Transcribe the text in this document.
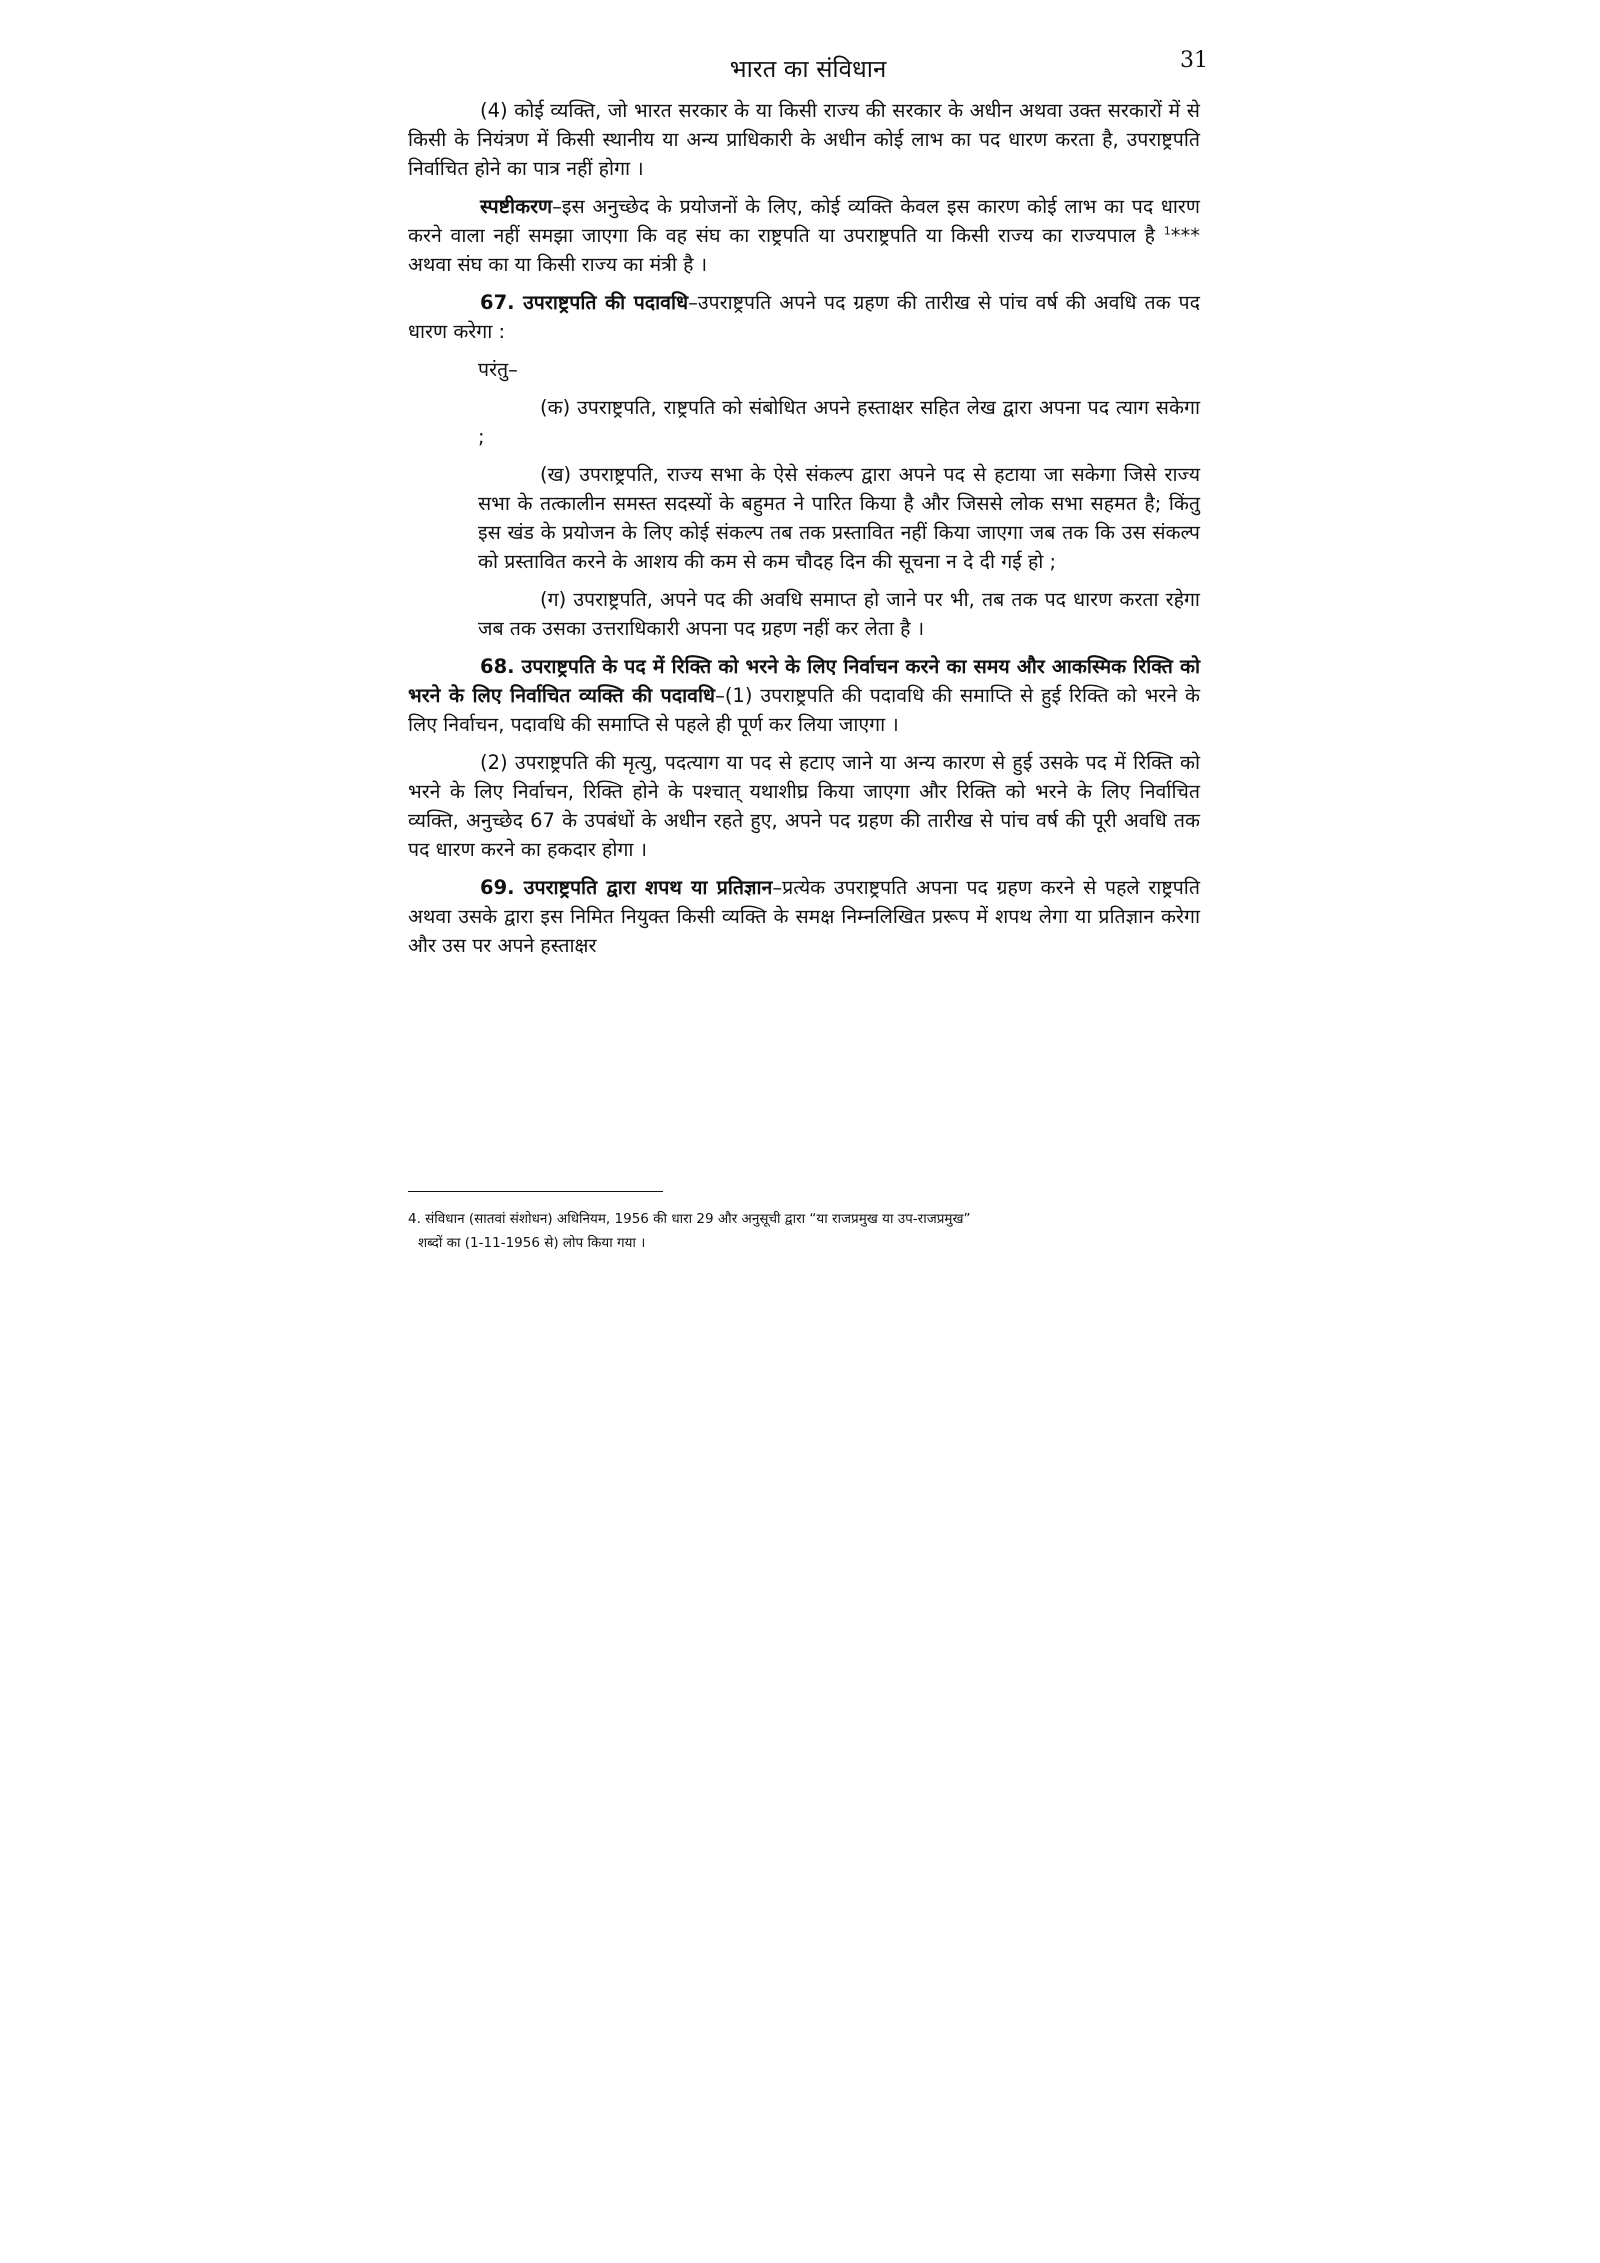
भारत का संविधान	31

(4) कोई व्यक्ति, जो भारत सरकार के या किसी राज्य की सरकार के अधीन अथवा उक्त सरकारों में से किसी के नियंत्रण में किसी स्थानीय या अन्य प्राधिकारी के अधीन कोई लाभ का पद धारण करता है, उपराष्ट्रपति निर्वाचित होने का पात्र नहीं होगा ।

स्पष्टीकरण–इस अनुच्छेद के प्रयोजनों के लिए, कोई व्यक्ति केवल इस कारण कोई लाभ का पद धारण करने वाला नहीं समझा जाएगा कि वह संघ का राष्ट्रपति या उपराष्ट्रपति या किसी राज्य का राज्यपाल है $^1$*** अथवा संघ का या किसी राज्य का मंत्री है ।

67. उपराष्ट्रपति की पदावधि–उपराष्ट्रपति अपने पद ग्रहण की तारीख से पांच वर्ष की अवधि तक पद धारण करेगा :

परंतु–

(क) उपराष्ट्रपति, राष्ट्रपति को संबोधित अपने हस्ताक्षर सहित लेख द्वारा अपना पद त्याग सकेगा ;

(ख) उपराष्ट्रपति, राज्य सभा के ऐसे संकल्प द्वारा अपने पद से हटाया जा सकेगा जिसे राज्य सभा के तत्कालीन समस्त सदस्यों के बहुमत ने पारित किया है और जिससे लोक सभा सहमत है; किंतु इस खंड के प्रयोजन के लिए कोई संकल्प तब तक प्रस्तावित नहीं किया जाएगा जब तक कि उस संकल्प को प्रस्तावित करने के आशय की कम से कम चौदह दिन की सूचना न दे दी गई हो ;

(ग) उपराष्ट्रपति, अपने पद की अवधि समाप्त हो जाने पर भी, तब तक पद धारण करता रहेगा जब तक उसका उत्तराधिकारी अपना पद ग्रहण नहीं कर लेता है ।

68. उपराष्ट्रपति के पद में रिक्ति को भरने के लिए निर्वाचन करने का समय और आकस्मिक रिक्ति को भरने के लिए निर्वाचित व्यक्ति की पदावधि–(1) उपराष्ट्रपति की पदावधि की समाप्ति से हुई रिक्ति को भरने के लिए निर्वाचन, पदावधि की समाप्ति से पहले ही पूर्ण कर लिया जाएगा ।

(2) उपराष्ट्रपति की मृत्यु, पदत्याग या पद से हटाए जाने या अन्य कारण से हुई उसके पद में रिक्ति को भरने के लिए निर्वाचन, रिक्ति होने के पश्चात् यथाशीघ्र किया जाएगा और रिक्ति को भरने के लिए निर्वाचित व्यक्ति, अनुच्छेद 67 के उपबंधों के अधीन रहते हुए, अपने पद ग्रहण की तारीख से पांच वर्ष की पूरी अवधि तक पद धारण करने का हकदार होगा ।

69. उपराष्ट्रपति द्वारा शपथ या प्रतिज्ञान–प्रत्येक उपराष्ट्रपति अपना पद ग्रहण करने से पहले राष्ट्रपति अथवा उसके द्वारा इस निमित नियुक्त किसी व्यक्ति के समक्ष निम्नलिखित प्ररूप में शपथ लेगा या प्रतिज्ञान करेगा और उस पर अपने हस्ताक्षर

4. संविधान (सातवां संशोधन) अधिनियम, 1956 की धारा 29 और अनुसूची द्वारा “या राजप्रमुख या उप-राजप्रमुख”
शब्दों का (1-11-1956 से) लोप किया गया ।
